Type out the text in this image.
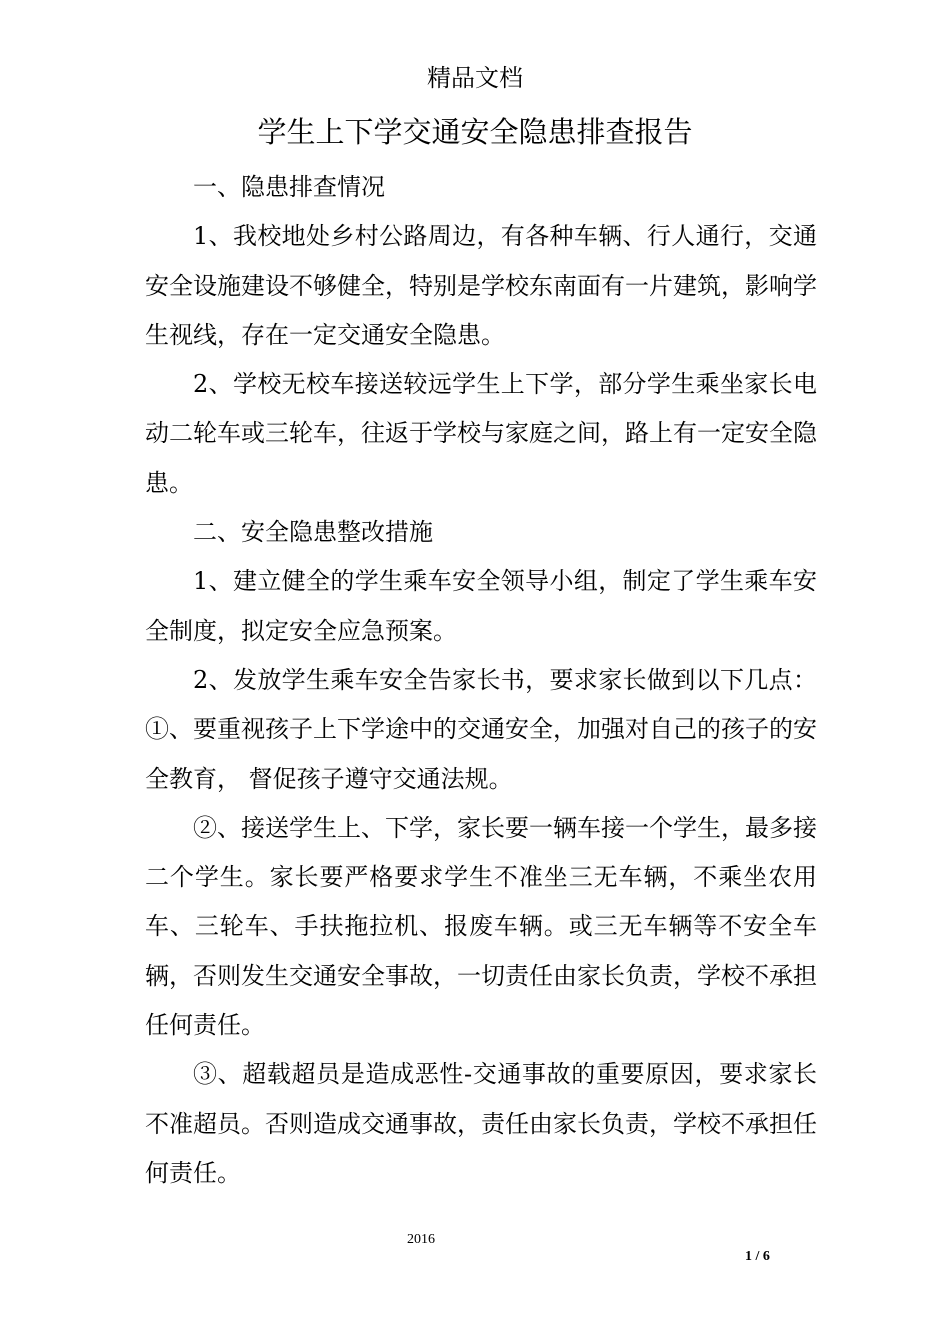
精品文档
学生上下学交通安全隐患排查报告

一、隐患排查情况

1、我校地处乡村公路周边，有各种车辆、行人通行，交通安全设施建设不够健全，特别是学校东南面有一片建筑，影响学生视线，存在一定交通安全隐患。

2、学校无校车接送较远学生上下学，部分学生乘坐家长电动二轮车或三轮车，往返于学校与家庭之间，路上有一定安全隐患。

二、安全隐患整改措施

1、建立健全的学生乘车安全领导小组，制定了学生乘车安全制度，拟定安全应急预案。

2、发放学生乘车安全告家长书，要求家长做到以下几点： ①、要重视孩子上下学途中的交通安全，加强对自己的孩子的安全教育， 督促孩子遵守交通法规。

②、接送学生上、下学，家长要一辆车接一个学生，最多接二个学生。家长要严格要求学生不准坐三无车辆，不乘坐农用车、三轮车、手扶拖拉机、报废车辆。或三无车辆等不安全车辆，否则发生交通安全事故，一切责任由家长负责，学校不承担任何责任。

③、超载超员是造成恶性-交通事故的重要原因，要求家长不准超员。否则造成交通事故，责任由家长负责，学校不承担任何责任。

2016
1 / 6
